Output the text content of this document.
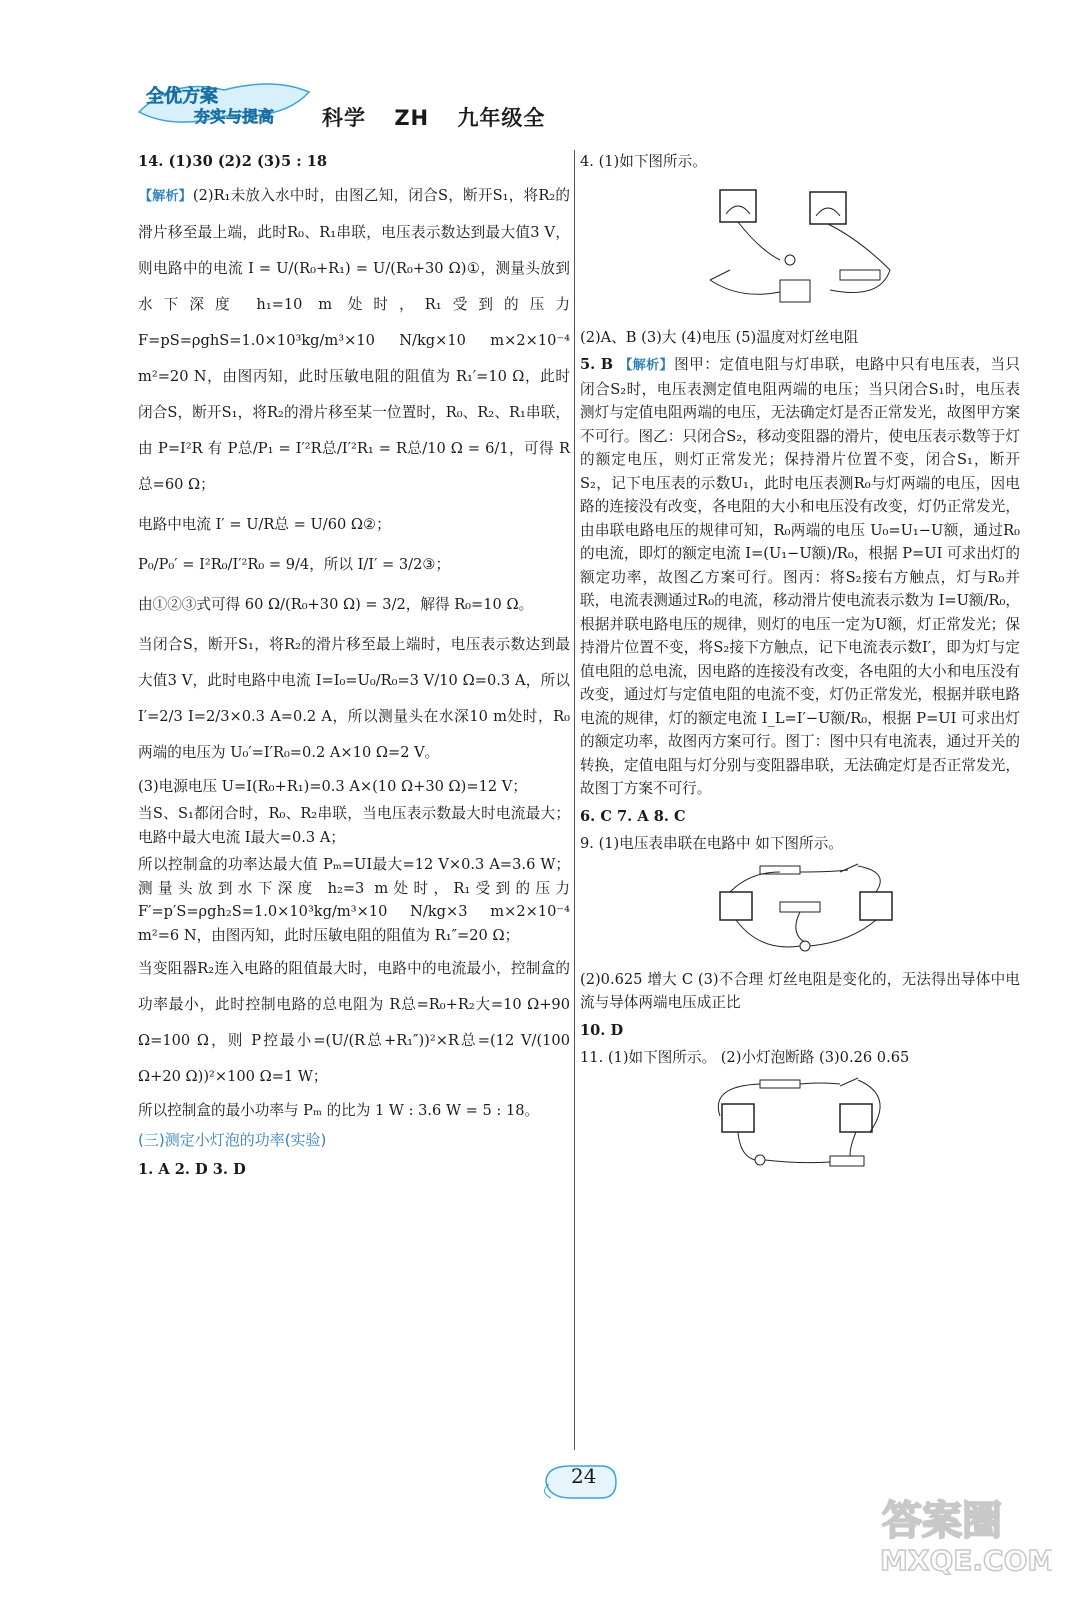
全优方案
夯实与提高 科学 ZH 九年级全

14. (1)30 (2)2 (3)5 : 18

【解析】(2)R₁未放入水中时，由图乙知，闭合S，断开S₁，将R₂的滑片移至最上端，此时R₀、R₁串联，电压表示数达到最大值3 V，则电路中的电流 I = U/(R₀+R₁) = U/(R₀+30 Ω)①，测量头放到水下深度 h₁=10 m 处时，R₁受到的压力 F=pS=ρghS=1.0×10³kg/m³×10 N/kg×10 m×2×10⁻⁴ m²=20 N，由图丙知，此时压敏电阻的阻值为 R₁′=10 Ω，此时闭合S，断开S₁，将R₂的滑片移至某一位置时，R₀、R₂、R₁串联，由 P=I²R 有 P总/P₁ = I′²R总/I′²R₁ = R总/10 Ω = 6/1，可得 R总=60 Ω；

电路中电流 I′ = U/R总 = U/60 Ω②；

P₀/P₀′ = I²R₀/I′²R₀ = 9/4，所以 I/I′ = 3/2③；

由①②③式可得 60 Ω/(R₀+30 Ω) = 3/2，解得 R₀=10 Ω。

当闭合S，断开S₁，将R₂的滑片移至最上端时，电压表示数达到最大值3 V，此时电路中电流 I=I₀=U₀/R₀=3 V/10 Ω=0.3 A，所以 I′=2/3 I=2/3×0.3 A=0.2 A，所以测量头在水深10 m处时，R₀两端的电压为 U₀′=I′R₀=0.2 A×10 Ω=2 V。

(3)电源电压 U=I(R₀+R₁)=0.3 A×(10 Ω+30 Ω)=12 V；

当S、S₁都闭合时，R₀、R₂串联，当电压表示数最大时电流最大；电路中最大电流 I最大=0.3 A；

所以控制盒的功率达最大值 Pₘ=UI最大=12 V×0.3 A=3.6 W；测量头放到水下深度 h₂=3 m处时，R₁受到的压力 F′=p′S=ρgh₂S=1.0×10³kg/m³×10 N/kg×3 m×2×10⁻⁴ m²=6 N，由图丙知，此时压敏电阻的阻值为 R₁″=20 Ω；

当变阻器R₂连入电路的阻值最大时，电路中的电流最小，控制盒的功率最小，此时控制电路的总电阻为 R总=R₀+R₂大=10 Ω+90 Ω=100 Ω，则 P控最小=(U/(R总+R₁″))²×R总=(12 V/(100 Ω+20 Ω))²×100 Ω=1 W；

所以控制盒的最小功率与 Pₘ 的比为 1 W : 3.6 W = 5 : 18。

(三)测定小灯泡的功率(实验)

1. A 2. D 3. D

4. (1)如下图所示。

(2)A、B (3)大 (4)电压 (5)温度对灯丝电阻

5. B 【解析】图甲：定值电阻与灯串联，电路中只有电压表，当只闭合S₂时，电压表测定值电阻两端的电压；当只闭合S₁时，电压表测灯与定值电阻两端的电压，无法确定灯是否正常发光，故图甲方案不可行。图乙：只闭合S₂，移动变阻器的滑片，使电压表示数等于灯的额定电压，则灯正常发光；保持滑片位置不变，闭合S₁，断开S₂，记下电压表的示数U₁，此时电压表测R₀与灯两端的电压，因电路的连接没有改变，各电阻的大小和电压没有改变，灯仍正常发光，由串联电路电压的规律可知，R₀两端的电压 U₀=U₁−U额，通过R₀的电流，即灯的额定电流 I=(U₁−U额)/R₀，根据 P=UI 可求出灯的额定功率，故图乙方案可行。图丙：将S₂接右方触点，灯与R₀并联，电流表测通过R₀的电流，移动滑片使电流表示数为 I=U额/R₀，根据并联电路电压的规律，则灯的电压一定为U额，灯正常发光；保持滑片位置不变，将S₂接下方触点，记下电流表示数I′，即为灯与定值电阻的总电流，因电路的连接没有改变，各电阻的大小和电压没有改变，通过灯与定值电阻的电流不变，灯仍正常发光，根据并联电路电流的规律，灯的额定电流 I_L=I′−U额/R₀，根据 P=UI 可求出灯的额定功率，故图丙方案可行。图丁：图中只有电流表，通过开关的转换，定值电阻与灯分别与变阻器串联，无法确定灯是否正常发光，故图丁方案不可行。

6. C 7. A 8. C

9. (1)电压表串联在电路中 如下图所示。

(2)0.625 增大 C (3)不合理 灯丝电阻是变化的，无法得出导体中电流与导体两端电压成正比

10. D

11. (1)如下图所示。 (2)小灯泡断路 (3)0.26 0.65

24
答案圈
MXQE.COM
